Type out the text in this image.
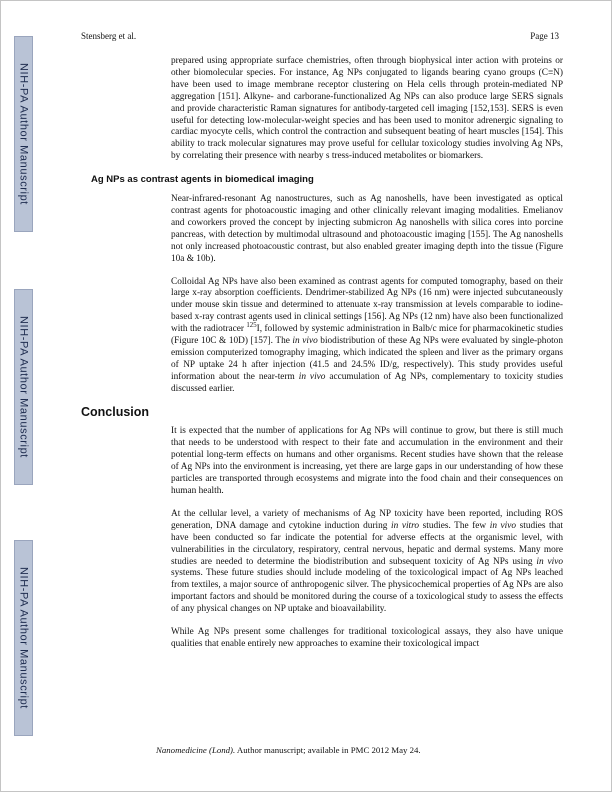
NIH-PA Author Manuscript
NIH-PA Author Manuscript
NIH-PA Author Manuscript
Stensberg et al.	Page 13

prepared using appropriate surface chemistries, often through biophysical inter action with proteins or other biomolecular species. For instance, Ag NPs conjugated to ligands bearing cyano groups (C≡N) have been used to image membrane receptor clustering on Hela cells through protein-mediated NP aggregation [151]. Alkyne- and carborane-functionalized Ag NPs can also produce large SERS signals and provide characteristic Raman signatures for antibody-targeted cell imaging [152,153]. SERS is even useful for detecting low-molecular-weight species and has been used to monitor adrenergic signaling to cardiac myocyte cells, which control the contraction and subsequent beating of heart muscles [154]. This ability to track molecular signatures may prove useful for cellular toxicology studies involving Ag NPs, by correlating their presence with nearby s tress-induced metabolites or biomarkers.

Ag NPs as contrast agents in biomedical imaging

Near-infrared-resonant Ag nanostructures, such as Ag nanoshells, have been investigated as optical contrast agents for photoacoustic imaging and other clinically relevant imaging modalities. Emelianov and coworkers proved the concept by injecting submicron Ag nanoshells with silica cores into porcine pancreas, with detection by multimodal ultrasound and photoacoustic imaging [155]. The Ag nanoshells not only increased photoacoustic contrast, but also enabled greater imaging depth into the tissue (Figure 10a & 10b).

Colloidal Ag NPs have also been examined as contrast agents for computed tomography, based on their large x-ray absorption coefficients. Dendrimer-stabilized Ag NPs (16 nm) were injected subcutaneously under mouse skin tissue and determined to attenuate x-ray transmission at levels comparable to iodine-based x-ray contrast agents used in clinical settings [156]. Ag NPs (12 nm) have also been functionalized with the radiotracer $^{125}$I, followed by systemic administration in Balb/c mice for pharmacokinetic studies (Figure 10C & 10D) [157]. The in vivo biodistribution of these Ag NPs were evaluated by single-photon emission computerized tomography imaging, which indicated the spleen and liver as the primary organs of NP uptake 24 h after injection (41.5 and 24.5% ID/g, respectively). This study provides useful information about the near-term in vivo accumulation of Ag NPs, complementary to toxicity studies discussed earlier.

Conclusion

It is expected that the number of applications for Ag NPs will continue to grow, but there is still much that needs to be understood with respect to their fate and accumulation in the environment and their potential long-term effects on humans and other organisms. Recent studies have shown that the release of Ag NPs into the environment is increasing, yet there are large gaps in our understanding of how these particles are transported through ecosystems and migrate into the food chain and their consequences on human health.

At the cellular level, a variety of mechanisms of Ag NP toxicity have been reported, including ROS generation, DNA damage and cytokine induction during in vitro studies. The few in vivo studies that have been conducted so far indicate the potential for adverse effects at the organismic level, with vulnerabilities in the circulatory, respiratory, central nervous, hepatic and dermal systems. Many more studies are needed to determine the biodistribution and subsequent toxicity of Ag NPs using in vivo systems. These future studies should include modeling of the toxicological impact of Ag NPs leached from textiles, a major source of anthropogenic silver. The physicochemical properties of Ag NPs are also important factors and should be monitored during the course of a toxicological study to assess the effects of any physical changes on NP uptake and bioavailability.

While Ag NPs present some challenges for traditional toxicological assays, they also have unique qualities that enable entirely new approaches to examine their toxicological impact

Nanomedicine (Lond). Author manuscript; available in PMC 2012 May 24.
